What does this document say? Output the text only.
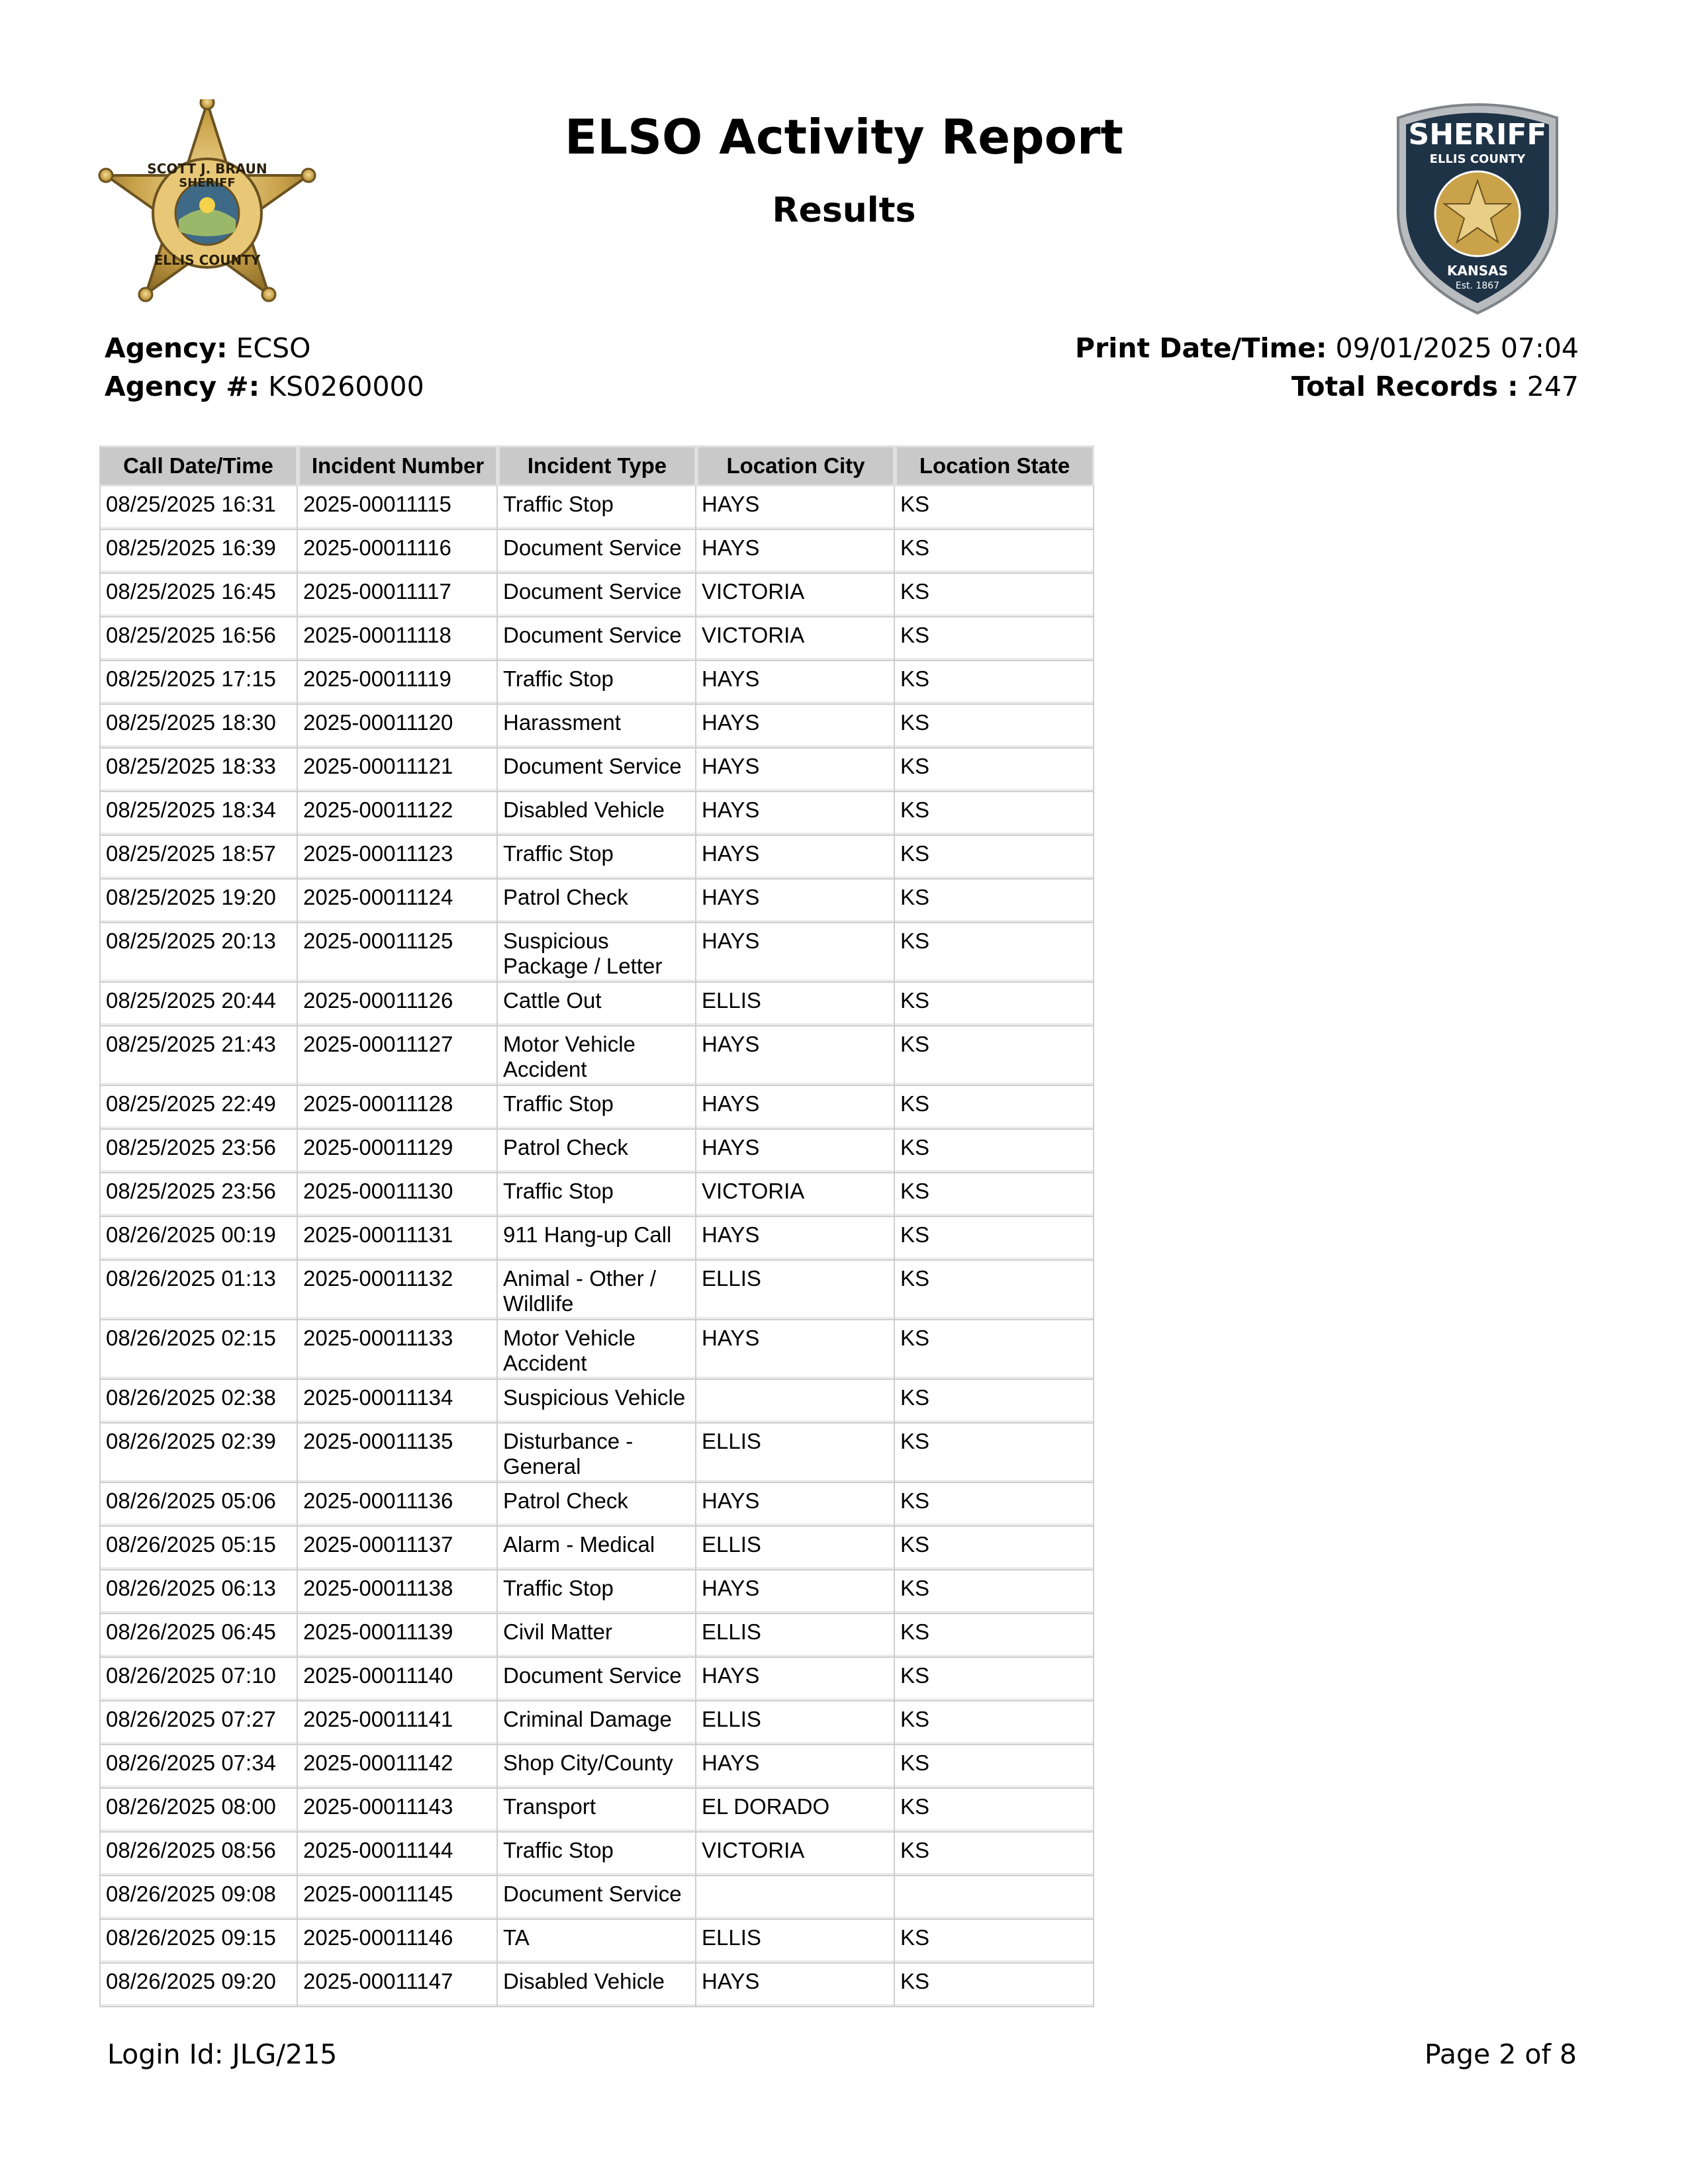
SCOTT J. BRAUN
SHERIFF
ELLIS COUNTY
SHERIFF
ELLIS COUNTY
KANSAS
Est. 1867
ELSO Activity Report
Results
Agency: ECSO
Agency #: KS0260000
Print Date/Time: 09/01/2025 07:04
Total Records : 247
Call Date/Time	Incident Number	Incident Type	Location City	Location State
08/25/2025 16:31	2025-00011115	Traffic Stop	HAYS	KS
08/25/2025 16:39	2025-00011116	Document Service	HAYS	KS
08/25/2025 16:45	2025-00011117	Document Service	VICTORIA	KS
08/25/2025 16:56	2025-00011118	Document Service	VICTORIA	KS
08/25/2025 17:15	2025-00011119	Traffic Stop	HAYS	KS
08/25/2025 18:30	2025-00011120	Harassment	HAYS	KS
08/25/2025 18:33	2025-00011121	Document Service	HAYS	KS
08/25/2025 18:34	2025-00011122	Disabled Vehicle	HAYS	KS
08/25/2025 18:57	2025-00011123	Traffic Stop	HAYS	KS
08/25/2025 19:20	2025-00011124	Patrol Check	HAYS	KS
08/25/2025 20:13	2025-00011125	Suspicious Package / Letter	HAYS	KS
08/25/2025 20:44	2025-00011126	Cattle Out	ELLIS	KS
08/25/2025 21:43	2025-00011127	Motor Vehicle Accident	HAYS	KS
08/25/2025 22:49	2025-00011128	Traffic Stop	HAYS	KS
08/25/2025 23:56	2025-00011129	Patrol Check	HAYS	KS
08/25/2025 23:56	2025-00011130	Traffic Stop	VICTORIA	KS
08/26/2025 00:19	2025-00011131	911 Hang-up Call	HAYS	KS
08/26/2025 01:13	2025-00011132	Animal - Other / Wildlife	ELLIS	KS
08/26/2025 02:15	2025-00011133	Motor Vehicle Accident	HAYS	KS
08/26/2025 02:38	2025-00011134	Suspicious Vehicle		KS
08/26/2025 02:39	2025-00011135	Disturbance - General	ELLIS	KS
08/26/2025 05:06	2025-00011136	Patrol Check	HAYS	KS
08/26/2025 05:15	2025-00011137	Alarm - Medical	ELLIS	KS
08/26/2025 06:13	2025-00011138	Traffic Stop	HAYS	KS
08/26/2025 06:45	2025-00011139	Civil Matter	ELLIS	KS
08/26/2025 07:10	2025-00011140	Document Service	HAYS	KS
08/26/2025 07:27	2025-00011141	Criminal Damage	ELLIS	KS
08/26/2025 07:34	2025-00011142	Shop City/County	HAYS	KS
08/26/2025 08:00	2025-00011143	Transport	EL DORADO	KS
08/26/2025 08:56	2025-00011144	Traffic Stop	VICTORIA	KS
08/26/2025 09:08	2025-00011145	Document Service		
08/26/2025 09:15	2025-00011146	TA	ELLIS	KS
08/26/2025 09:20	2025-00011147	Disabled Vehicle	HAYS	KS
Login Id: JLG/215	Page 2 of 8
